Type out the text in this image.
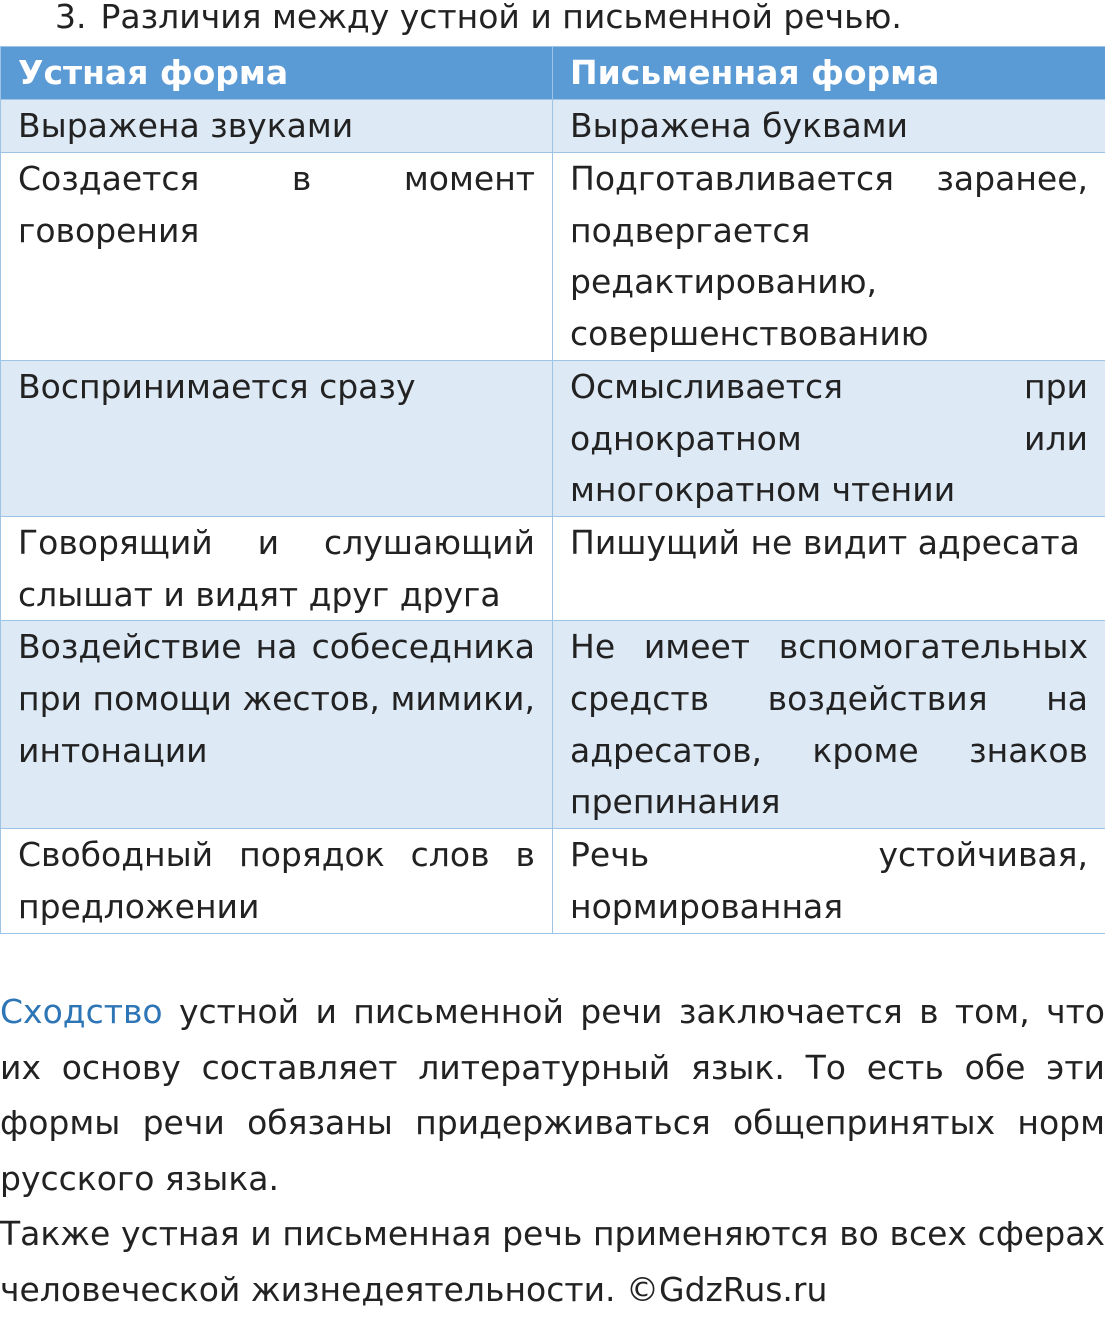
3. Различия между устной и письменной речью.
Устная форма	Письменная форма
Выражена звуками	Выражена буквами
Создается в момент говорения	Подготавливается заранее, подвергается редактированию, совершенствованию
Воспринимается сразу	Осмысливается при однократном или многократном чтении
Говорящий и слушающий слышат и видят друг друга	Пишущий не видит адресата
Воздействие на собеседника при помощи жестов, мимики, интонации	Не имеет вспомогательных средств воздействия на адресатов, кроме знаков препинания
Свободный порядок слов в предложении	Речь устойчивая, нормированная

Сходство устной и письменной речи заключается в том, что их основу составляет литературный язык. То есть обе эти формы речи обязаны придерживаться общепринятых норм русского языка.

Также устная и письменная речь применяются во всех сферах человеческой жизнедеятельности. ©GdzRus.ru
